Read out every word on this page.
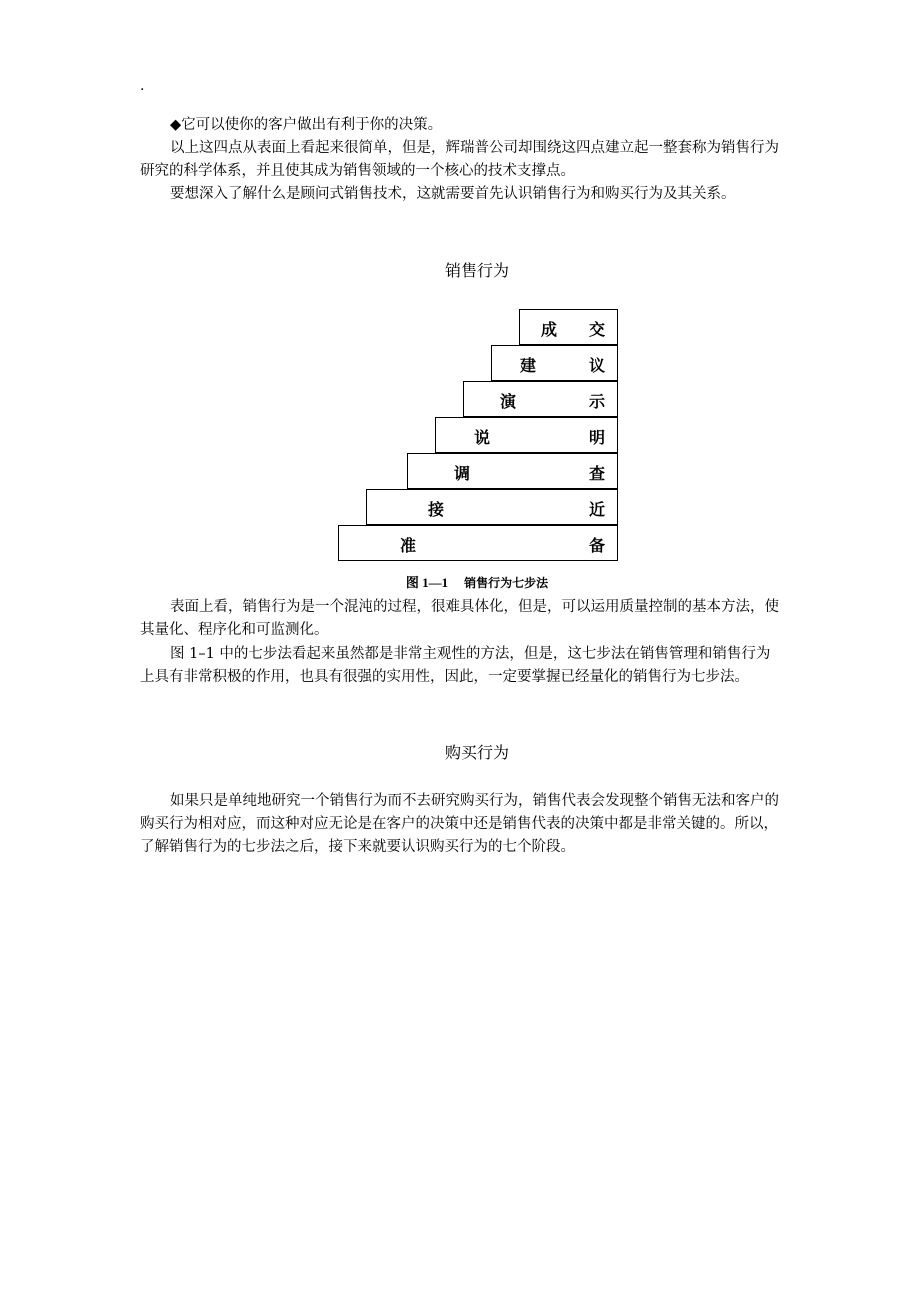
.

◆它可以使你的客户做出有利于你的决策。

以上这四点从表面上看起来很简单，但是，辉瑞普公司却围绕这四点建立起一整套称为销售行为研究的科学体系，并且使其成为销售领域的一个核心的技术支撑点。

要想深入了解什么是顾问式销售技术，这就需要首先认识销售行为和购买行为及其关系。

销售行为
成 交
建	议
演	示
说	明
调	查
接	近
准	备
图 1—1 销售行为七步法

表面上看，销售行为是一个混沌的过程，很难具体化，但是，可以运用质量控制的基本方法，使其量化、程序化和可监测化。

图 1–1 中的七步法看起来虽然都是非常主观性的方法，但是，这七步法在销售管理和销售行为上具有非常积极的作用，也具有很强的实用性，因此，一定要掌握已经量化的销售行为七步法。

购买行为

如果只是单纯地研究一个销售行为而不去研究购买行为，销售代表会发现整个销售无法和客户的购买行为相对应，而这种对应无论是在客户的决策中还是销售代表的决策中都是非常关键的。所以，了解销售行为的七步法之后，接下来就要认识购买行为的七个阶段。
